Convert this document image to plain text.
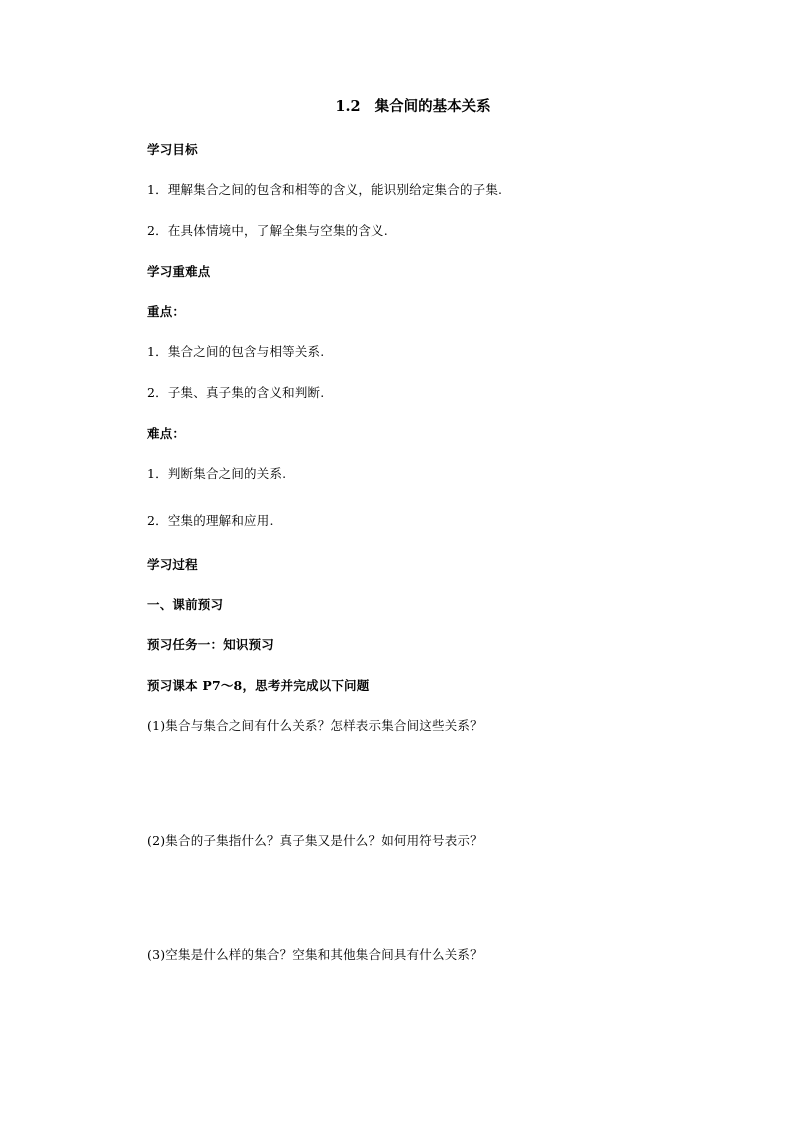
1.2 集合间的基本关系
学习目标
1．理解集合之间的包含和相等的含义，能识别给定集合的子集.
2．在具体情境中，了解全集与空集的含义.
学习重难点
重点：
1．集合之间的包含与相等关系.
2．子集、真子集的含义和判断.
难点：
1．判断集合之间的关系.
2．空集的理解和应用.
学习过程
一、课前预习
预习任务一：知识预习
预习课本 P7～8，思考并完成以下问题
(1)集合与集合之间有什么关系？怎样表示集合间这些关系？
(2)集合的子集指什么？真子集又是什么？如何用符号表示？
(3)空集是什么样的集合？空集和其他集合间具有什么关系？
